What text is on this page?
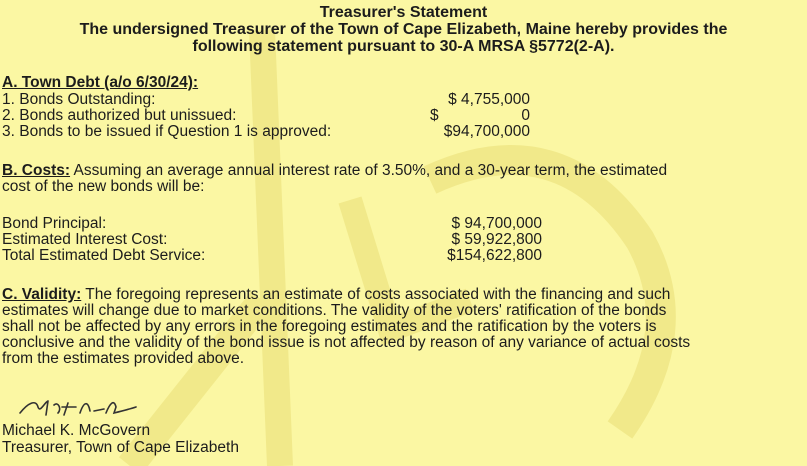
Treasurer's Statement
The undersigned Treasurer of the Town of Cape Elizabeth, Maine hereby provides the
following statement pursuant to 30-A MRSA §5772(2-A).
A. Town Debt (a/o 6/30/24):
1. Bonds Outstanding:	$ 4,755,000
2. Bonds authorized but unissued:	$	0
3. Bonds to be issued if Question 1 is approved:	$94,700,000
B. Costs: Assuming an average annual interest rate of 3.50%, and a 30-year term, the estimated
cost of the new bonds will be:
Bond Principal:	$ 94,700,000
Estimated Interest Cost:	$ 59,922,800
Total Estimated Debt Service:	$154,622,800
C. Validity: The foregoing represents an estimate of costs associated with the financing and such
estimates will change due to market conditions. The validity of the voters' ratification of the bonds
shall not be affected by any errors in the foregoing estimates and the ratification by the voters is
conclusive and the validity of the bond issue is not affected by reason of any variance of actual costs
from the estimates provided above.
Michael K. McGovern
Treasurer, Town of Cape Elizabeth
